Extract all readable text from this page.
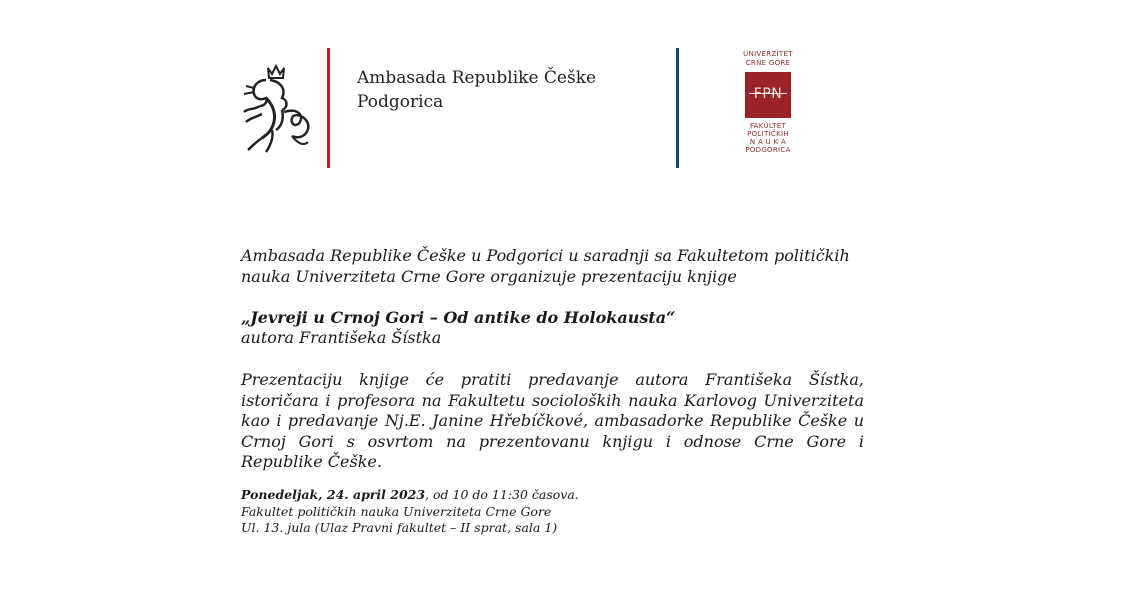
Ambasada Republike Češke
Podgorica
UNIVERZITET
CRNE GORE
FPN
FAKULTET
POLITIČKIH
N A U K A
PODGORICA

Ambasada Republike Češke u Podgorici u saradnji sa Fakultetom političkih nauka Univerziteta Crne Gore organizuje prezentaciju knjige

„Jevreji u Crnoj Gori – Od antike do Holokausta“

autora Františeka Šístka

Prezentaciju knjige će pratiti predavanje autora Františeka Šístka, istoričara i profesora na Fakultetu socioloških nauka Karlovog Univerziteta kao i predavanje Nj.E. Janine Hřebíčkové, ambasadorke Republike Češke u Crnoj Gori s osvrtom na prezentovanu knjigu i odnose Crne Gore i Republike Češke.

Ponedeljak, 24. april 2023, od 10 do 11:30 časova.

Fakultet političkih nauka Univerziteta Crne Gore

Ul. 13. jula (Ulaz Pravni fakultet – II sprat, sala 1)
